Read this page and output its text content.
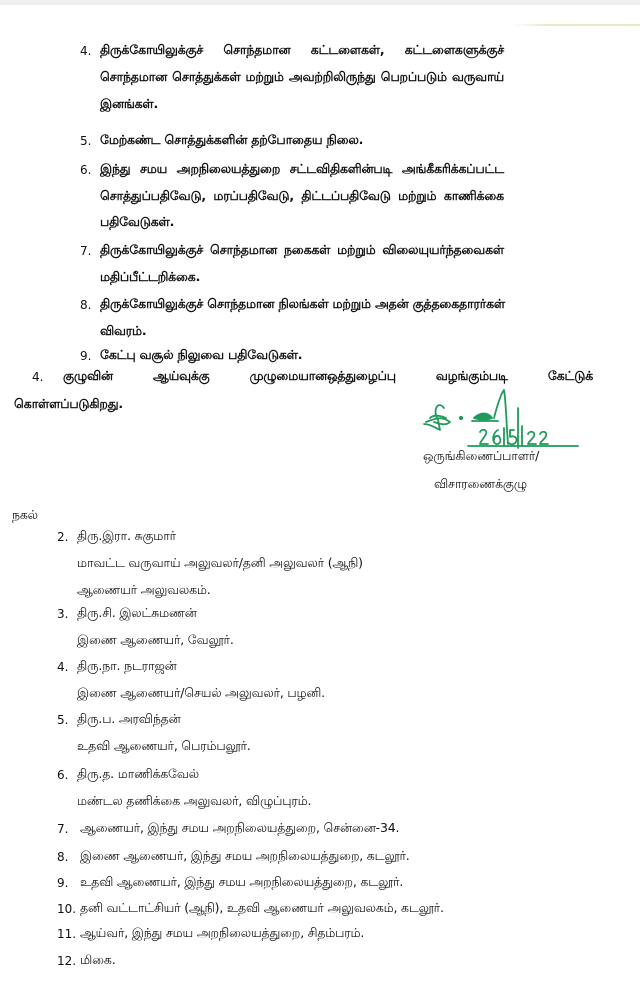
4. திருக்கோயிலுக்குச் சொந்தமான கட்டளைகள், கட்டளைகளுக்குச்
சொந்தமான சொத்துக்கள் மற்றும் அவற்றிலிருந்து பெறப்படும் வருவாய்
இனங்கள்.
5. மேற்கண்ட சொத்துக்களின் தற்போதைய நிலை.
6. இந்து சமய அறநிலையத்துறை சட்டவிதிகளின்படி அங்கீகரிக்கப்பட்ட
சொத்துப்பதிவேடு, மரப்பதிவேடு, திட்டப்பதிவேடு மற்றும் காணிக்கை
பதிவேடுகள்.
7. திருக்கோயிலுக்குச் சொந்தமான நகைகள் மற்றும் விலையுயர்ந்தவைகள்
மதிப்பீட்டறிக்கை.
8. திருக்கோயிலுக்குச் சொந்தமான நிலங்கள் மற்றும் அதன் குத்தகைதாரர்கள்
விவரம்.
9. கேட்பு வசூல் நிலுவை பதிவேடுகள்.
4. குழுவின்	ஆய்வுக்கு	முழுமையானஒத்துழைப்பு	வழங்கும்படி	கேட்டுக்
கொள்ளப்படுகிறது.
ஒருங்கிணைப்பாளர்/
விசாரணைக்குழு
நகல்
2. திரு.இரா. சுகுமார்
மாவட்ட வருவாய் அலுவலர்/தனி அலுவலர் (ஆநி)
ஆணையர் அலுவலகம்.
3. திரு.சி. இலட்சுமணன்
இணை ஆணையர், வேலூர்.
4. திரு.நா. நடராஜன்
இணை ஆணையர்/செயல் அலுவலர், பழனி.
5. திரு.ப. அரவிந்தன்
உதவி ஆணையர், பெரம்பலூர்.
6. திரு.த. மாணிக்கவேல்
மண்டல தணிக்கை அலுவலர், விழுப்புரம்.
7. ஆணையர், இந்து சமய அறநிலையத்துறை, சென்னை-34.
8. இணை ஆணையர், இந்து சமய அறநிலையத்துறை, கடலூர்.
9. உதவி ஆணையர், இந்து சமய அறநிலையத்துறை, கடலூர்.
10. தனி வட்டாட்சியர் (ஆநி), உதவி ஆணையர் அலுவலகம், கடலூர்.
11. ஆய்வர், இந்து சமய அறநிலையத்துறை, சிதம்பரம்.
12. மிகை.
